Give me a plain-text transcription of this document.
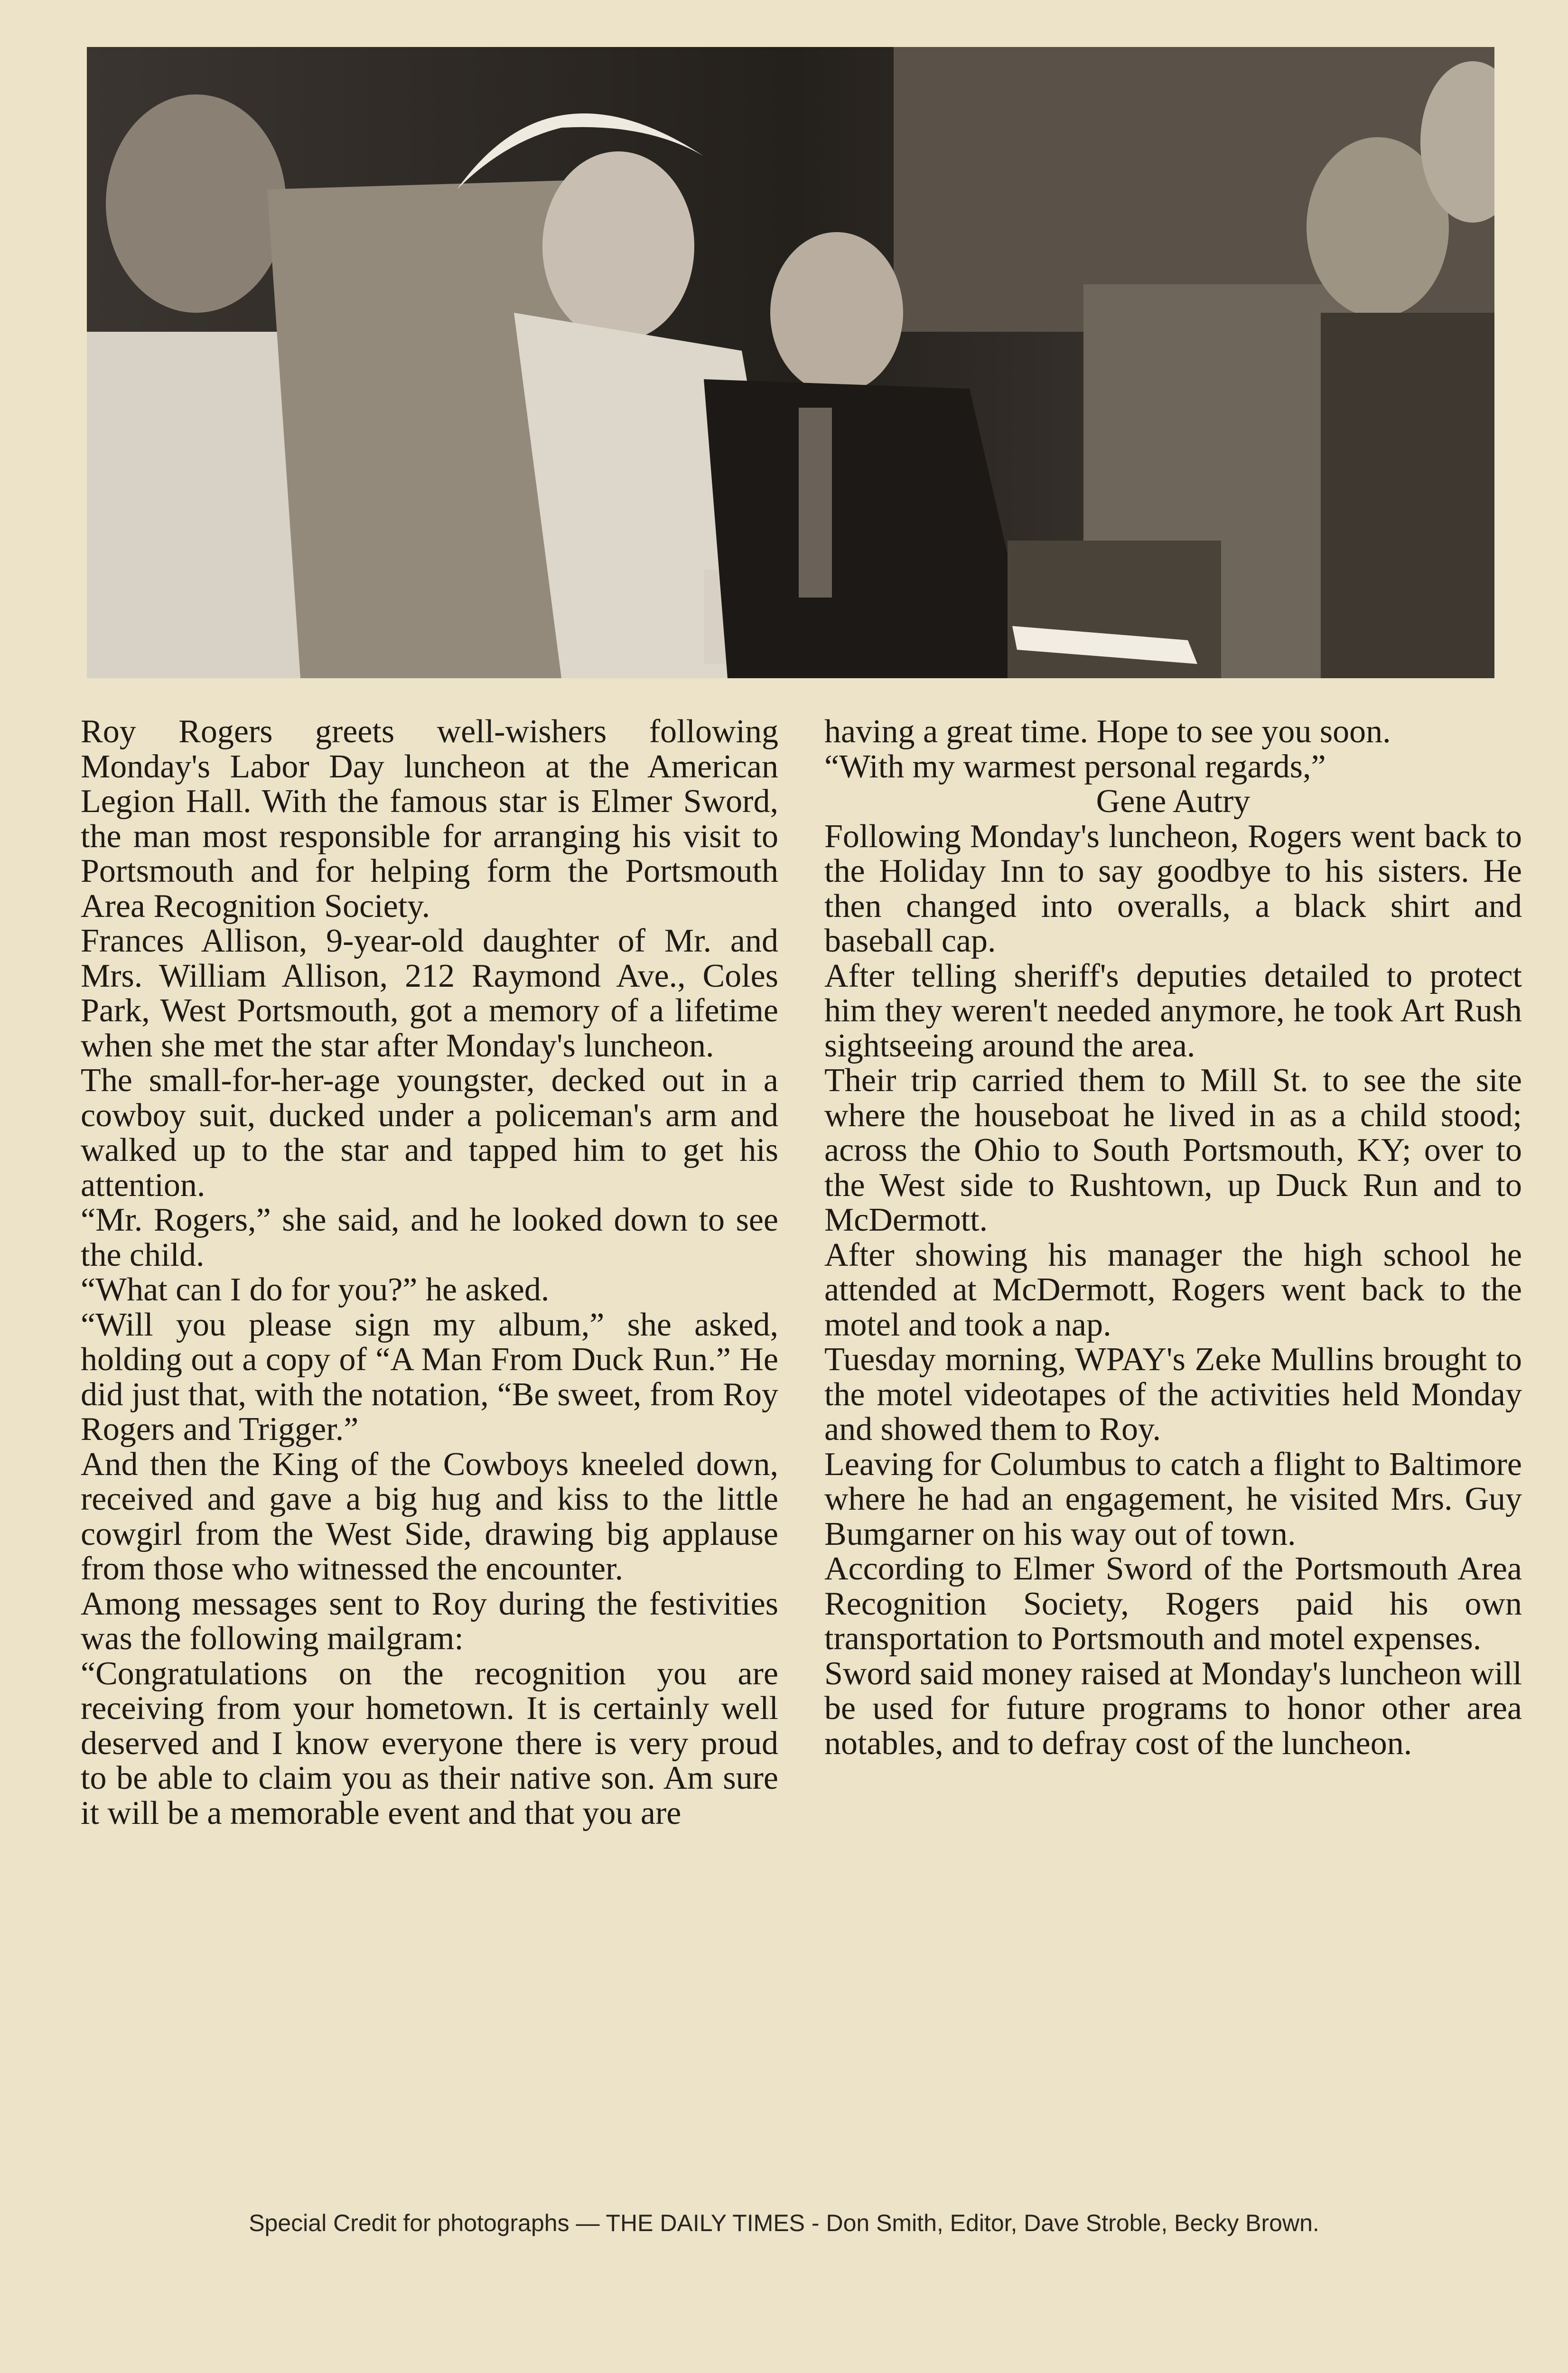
Roy Rogers greets well-wishers following Monday's Labor Day luncheon at the American Legion Hall. With the famous star is Elmer Sword, the man most responsible for arranging his visit to Portsmouth and for helping form the Portsmouth Area Recognition Society.

Frances Allison, 9-year-old daughter of Mr. and Mrs. William Allison, 212 Raymond Ave., Coles Park, West Portsmouth, got a memory of a lifetime when she met the star after Monday's luncheon.

The small-for-her-age youngster, decked out in a cowboy suit, ducked under a policeman's arm and walked up to the star and tapped him to get his attention.

“Mr. Rogers,” she said, and he looked down to see the child.

“What can I do for you?” he asked.

“Will you please sign my album,” she asked, holding out a copy of “A Man From Duck Run.” He did just that, with the notation, “Be sweet, from Roy Rogers and Trigger.”

And then the King of the Cowboys kneeled down, received and gave a big hug and kiss to the little cowgirl from the West Side, drawing big applause from those who witnessed the encounter.

Among messages sent to Roy during the festivities was the following mailgram:

“Congratulations on the recognition you are receiving from your hometown. It is certainly well deserved and I know everyone there is very proud to be able to claim you as their native son. Am sure it will be a memorable event and that you are

having a great time. Hope to see you soon.

“With my warmest personal regards,”

Gene Autry

Following Monday's luncheon, Rogers went back to the Holiday Inn to say goodbye to his sisters. He then changed into overalls, a black shirt and baseball cap.

After telling sheriff's deputies detailed to protect him they weren't needed anymore, he took Art Rush sightseeing around the area.

Their trip carried them to Mill St. to see the site where the houseboat he lived in as a child stood; across the Ohio to South Portsmouth, KY; over to the West side to Rushtown, up Duck Run and to McDermott.

After showing his manager the high school he attended at McDermott, Rogers went back to the motel and took a nap.

Tuesday morning, WPAY's Zeke Mullins brought to the motel videotapes of the activities held Monday and showed them to Roy.

Leaving for Columbus to catch a flight to Baltimore where he had an engagement, he visited Mrs. Guy Bumgarner on his way out of town.

According to Elmer Sword of the Portsmouth Area Recognition Society, Rogers paid his own transportation to Portsmouth and motel expenses.

Sword said money raised at Monday's luncheon will be used for future programs to honor other area notables, and to defray cost of the luncheon.

Special Credit for photographs — THE DAILY TIMES - Don Smith, Editor, Dave Stroble, Becky Brown.
